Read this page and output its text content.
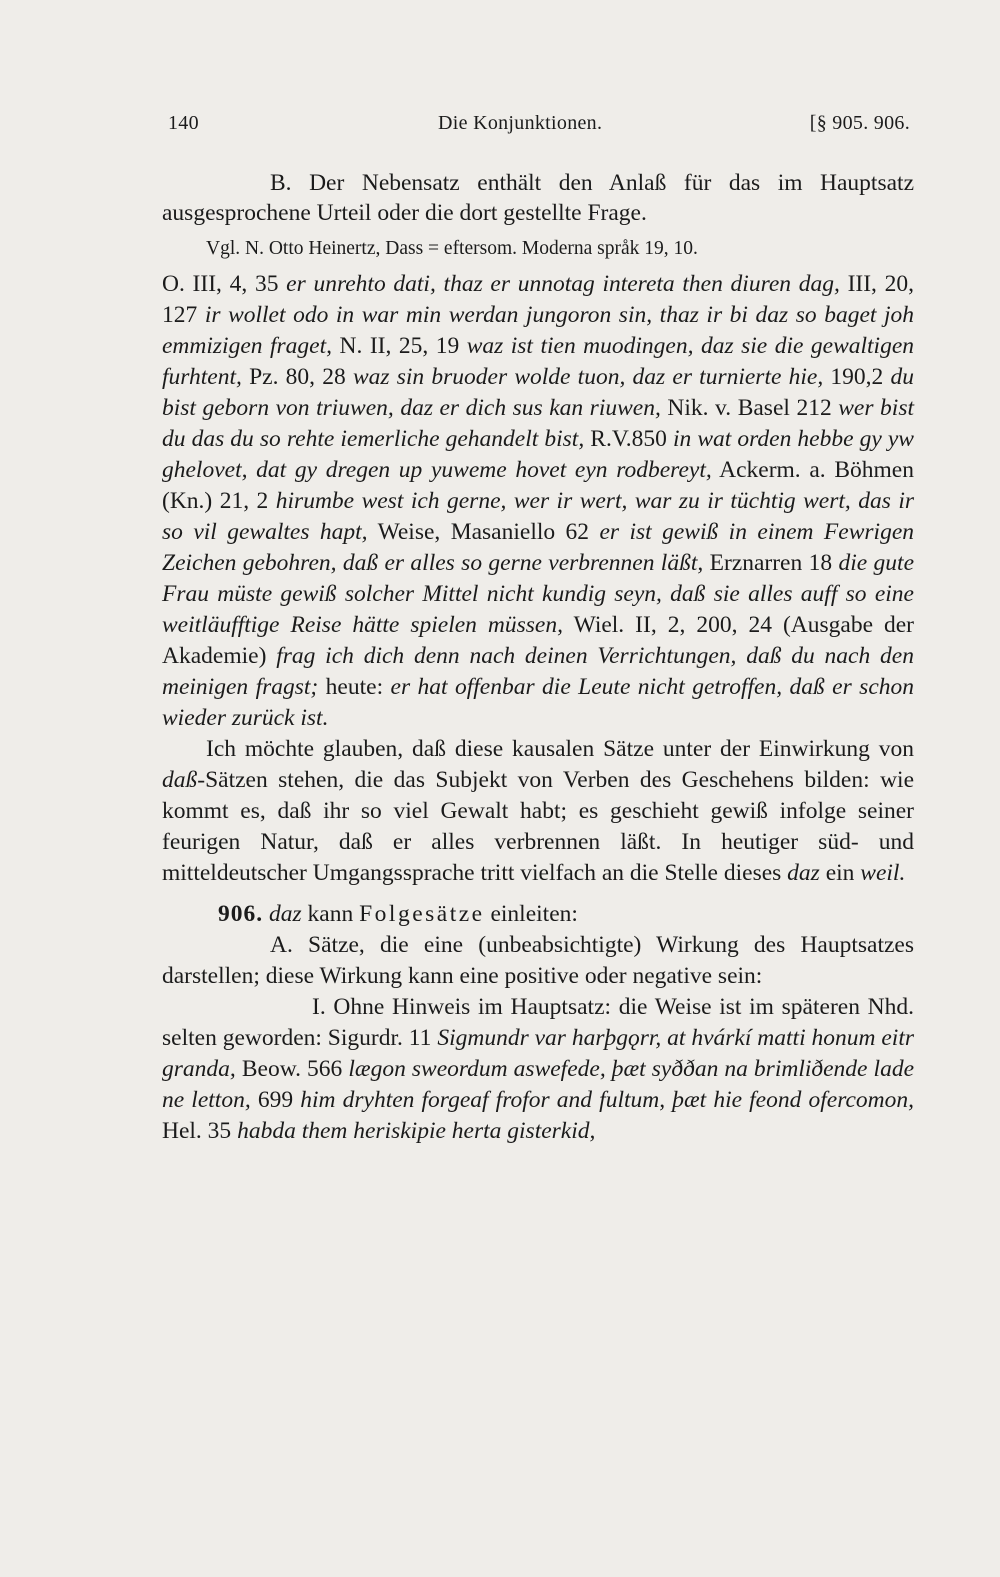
140	Die Konjunktionen.	[§ 905. 906.

B. Der Nebensatz enthält den Anlaß für das im Hauptsatz ausgesprochene Urteil oder die dort gestellte Frage.

Vgl. N. Otto Heinertz, Dass = eftersom. Moderna språk 19, 10.

O. III, 4, 35 er unrehto dati, thaz er unnotag intereta then diuren dag, III, 20, 127 ir wollet odo in war min werdan jungoron sin, thaz ir bi daz so baget joh emmizigen fraget, N. II, 25, 19 waz ist tien muodingen, daz sie die gewaltigen furhtent, Pz. 80, 28 waz sin bruoder wolde tuon, daz er turnierte hie, 190,2 du bist geborn von triuwen, daz er dich sus kan riuwen, Nik. v. Basel 212 wer bist du das du so rehte iemerliche gehandelt bist, R.V.850 in wat orden hebbe gy yw ghelovet, dat gy dregen up yuweme hovet eyn rodbereyt, Ackerm. a. Böhmen (Kn.) 21, 2 hirumbe west ich gerne, wer ir wert, war zu ir tüchtig wert, das ir so vil gewaltes hapt, Weise, Masaniello 62 er ist gewiß in einem Fewrigen Zeichen gebohren, daß er alles so gerne verbrennen läßt, Erznarren 18 die gute Frau müste gewiß solcher Mittel nicht kundig seyn, daß sie alles auff so eine weitläufftige Reise hätte spielen müssen, Wiel. II, 2, 200, 24 (Ausgabe der Akademie) frag ich dich denn nach deinen Verrichtungen, daß du nach den meinigen fragst; heute: er hat offenbar die Leute nicht getroffen, daß er schon wieder zurück ist.

Ich möchte glauben, daß diese kausalen Sätze unter der Einwirkung von daß-Sätzen stehen, die das Subjekt von Verben des Geschehens bilden: wie kommt es, daß ihr so viel Gewalt habt; es geschieht gewiß infolge seiner feurigen Natur, daß er alles verbrennen läßt. In heutiger süd- und mitteldeutscher Umgangssprache tritt vielfach an die Stelle dieses daz ein weil.

906. daz kann Folgesätze einleiten:

A. Sätze, die eine (unbeabsichtigte) Wirkung des Hauptsatzes darstellen; diese Wirkung kann eine positive oder negative sein:

I. Ohne Hinweis im Hauptsatz: die Weise ist im späteren Nhd. selten geworden: Sigurdr. 11 Sigmundr var harþgǫrr, at hvárkí matti honum eitr granda, Beow. 566 lægon sweordum aswefede, þæt syððan na brimliðende lade ne letton, 699 him dryhten forgeaf frofor and fultum, þæt hie feond ofercomon, Hel. 35 habda them heriskipie herta gisterkid,
